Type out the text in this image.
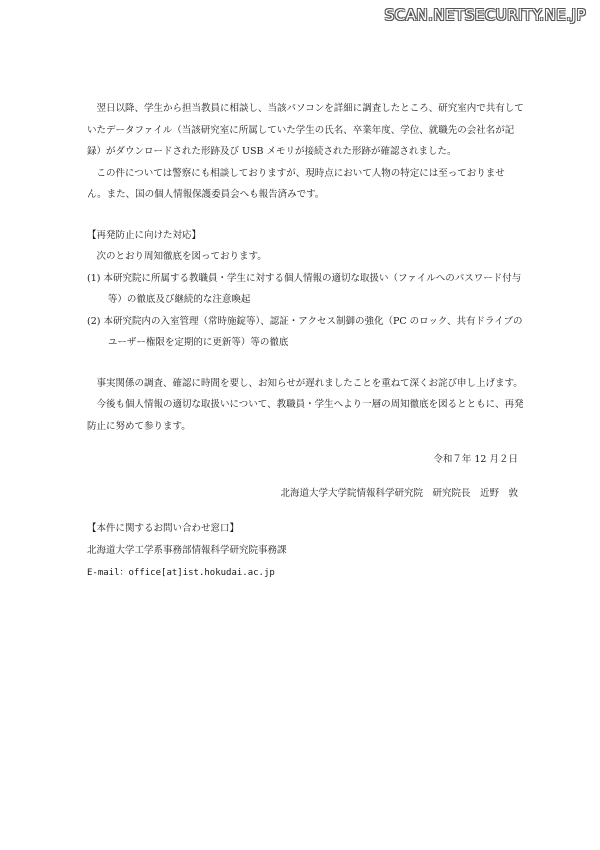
SCAN.NETSECURITY.NE.JP

翌日以降、学生から担当教員に相談し、当該パソコンを詳細に調査したところ、研究室内で共有していたデータファイル（当該研究室に所属していた学生の氏名、卒業年度、学位、就職先の会社名が記録）がダウンロードされた形跡及び USB メモリが接続された形跡が確認されました。

この件については警察にも相談しておりますが、現時点において人物の特定には至っておりません。また、国の個人情報保護委員会へも報告済みです。

【再発防止に向けた対応】

次のとおり周知徹底を図っております。

(1) 本研究院に所属する教職員・学生に対する個人情報の適切な取扱い（ファイルへのパスワード付与等）の徹底及び継続的な注意喚起

(2) 本研究院内の入室管理（常時施錠等）、認証・アクセス制御の強化（PC のロック、共有ドライブのユーザー権限を定期的に更新等）等の徹底

事実関係の調査、確認に時間を要し、お知らせが遅れましたことを重ねて深くお詫び申し上げます。

今後も個人情報の適切な取扱いについて、教職員・学生へより一層の周知徹底を図るとともに、再発防止に努めて参ります。

令和７年 12 月２日

北海道大学大学院情報科学研究院　研究院長　近野　敦

【本件に関するお問い合わせ窓口】

北海道大学工学系事務部情報科学研究院事務課

E-mail：office[at]ist.hokudai.ac.jp
